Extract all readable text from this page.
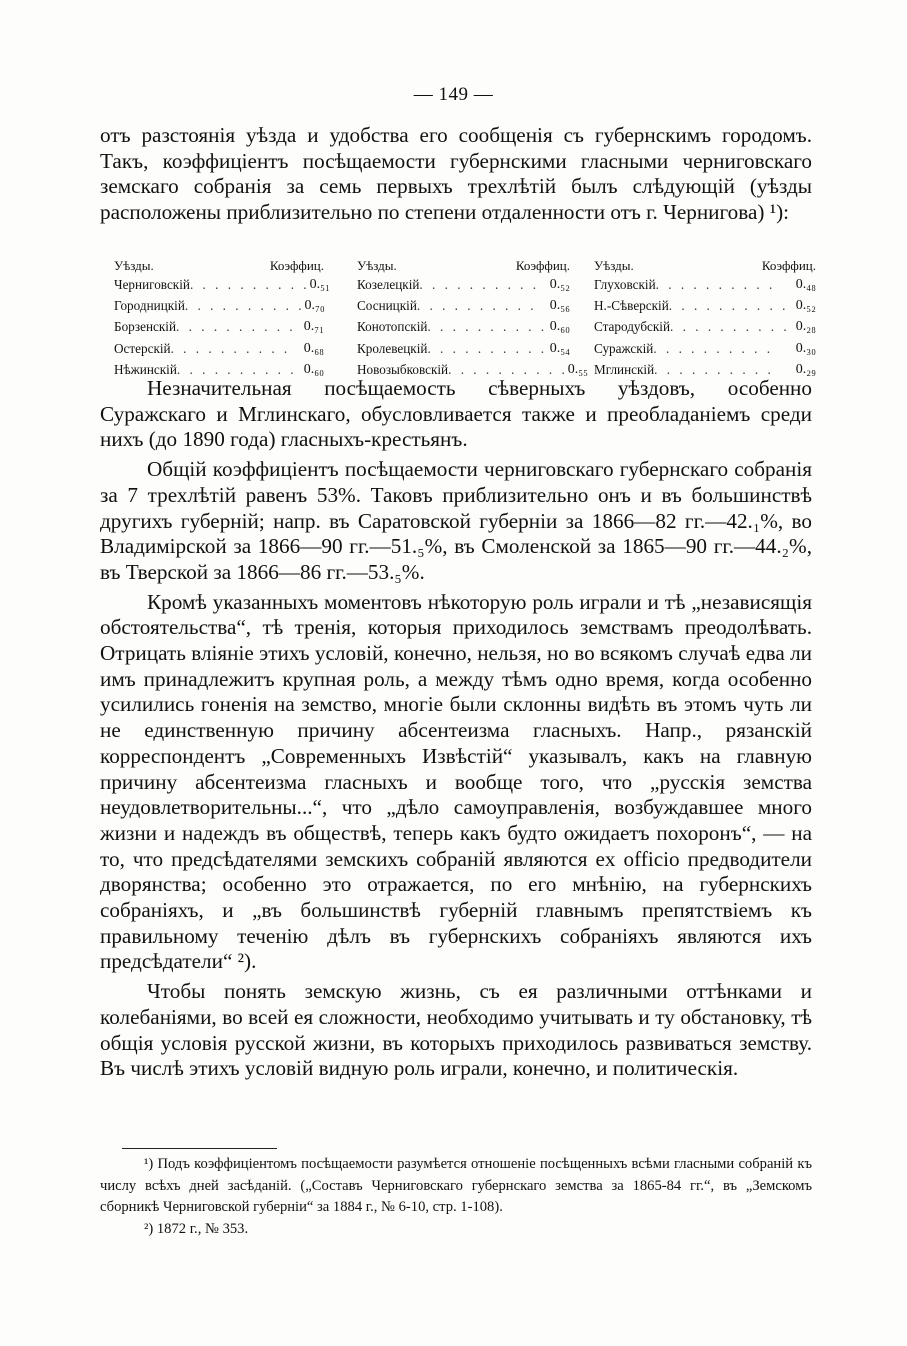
— 149 —

отъ разстоянія уѣзда и удобства его сообщенія съ губернскимъ городомъ. Такъ, коэффиціентъ посѣщаемости губернскими гласными черниговскаго земскаго собранія за семь первыхъ трехлѣтій былъ слѣдующій (уѣзды расположены приблизительно по степени отдаленности отъ г. Чернигова) ¹):

Уѣзды.	Коэффиц.
Черниговскій . . . . . . . . . . 0.₅₁
Городницкій . . . . . . . . . . 0.₇₀
Борзенскій . . . . . . . . . . 0.₇₁
Остерскій . . . . . . . . . . 0.₆₈
Нѣжинскій . . . . . . . . . . 0.₆₀
Уѣзды.	Коэффиц.
Козелецкій . . . . . . . . . . 0.₅₂
Сосницкій . . . . . . . . . . 0.₅₆
Конотопскій . . . . . . . . . . 0.₆₀
Кролевецкій . . . . . . . . . . 0.₅₄
Новозыбковскій . . . . . . . . . . 0.₅₅
Уѣзды.	Коэффиц.
Глуховскій . . . . . . . . . .	0.₄₈
Н.-Сѣверскій . . . . . . . . . . 0.₅₂
Стародубскій . . . . . . . . . . 0.₂₈
Суражскій . . . . . . . . . .	0.₃₀
Мглинскій . . . . . . . . . .	0.₂₉

Незначительная посѣщаемость сѣверныхъ уѣздовъ, особенно Суражскаго и Мглинскаго, обусловливается также и преобладаніемъ среди нихъ (до 1890 года) гласныхъ-крестьянъ.

Общій коэффиціентъ посѣщаемости черниговскаго губернскаго собранія за 7 трехлѣтій равенъ 53%. Таковъ приблизительно онъ и въ большинствѣ другихъ губерній; напр. въ Саратовской губерніи за 1866—82 гг.—42.₁%, во Владимірской за 1866—90 гг.—51.₅%, въ Смоленской за 1865—90 гг.—44.₂%, въ Тверской за 1866—86 гг.—53.₅%.

Кромѣ указанныхъ моментовъ нѣкоторую роль играли и тѣ „независящія обстоятельства“, тѣ тренія, которыя приходилось земствамъ преодолѣвать. Отрицать вліяніе этихъ условій, конечно, нельзя, но во всякомъ случаѣ едва ли имъ принадлежитъ крупная роль, а между тѣмъ одно время, когда особенно усилились гоненія на земство, многіе были склонны видѣть въ этомъ чуть ли не единственную причину абсентеизма гласныхъ. Напр., рязанскій корреспондентъ „Современныхъ Извѣстій“ указывалъ, какъ на главную причину абсентеизма гласныхъ и вообще того, что „русскія земства неудовлетворительны...“, что „дѣло самоуправленія, возбуждавшее много жизни и надеждъ въ обществѣ, теперь какъ будто ожидаетъ похоронъ“, — на то, что предсѣдателями земскихъ собраній являются ex officio предводители дворянства; особенно это отражается, по его мнѣнію, на губернскихъ собраніяхъ, и „въ большинствѣ губерній главнымъ препятствіемъ къ правильному теченію дѣлъ въ губернскихъ собраніяхъ являются ихъ предсѣдатели“ ²).

Чтобы понять земскую жизнь, съ ея различными оттѣнками и колебаніями, во всей ея сложности, необходимо учитывать и ту обстановку, тѣ общія условія русской жизни, въ которыхъ приходилось развиваться земству. Въ числѣ этихъ условій видную роль играли, конечно, и политическія.

¹) Подъ коэффиціентомъ посѣщаемости разумѣется отношеніе посѣщенныхъ всѣми гласными собраній къ числу всѣхъ дней засѣданій. („Составъ Черниговскаго губернскаго земства за 1865-84 гг.“, въ „Земскомъ сборникѣ Черниговской губерніи“ за 1884 г., № 6-10, стр. 1-108).

²) 1872 г., № 353.
